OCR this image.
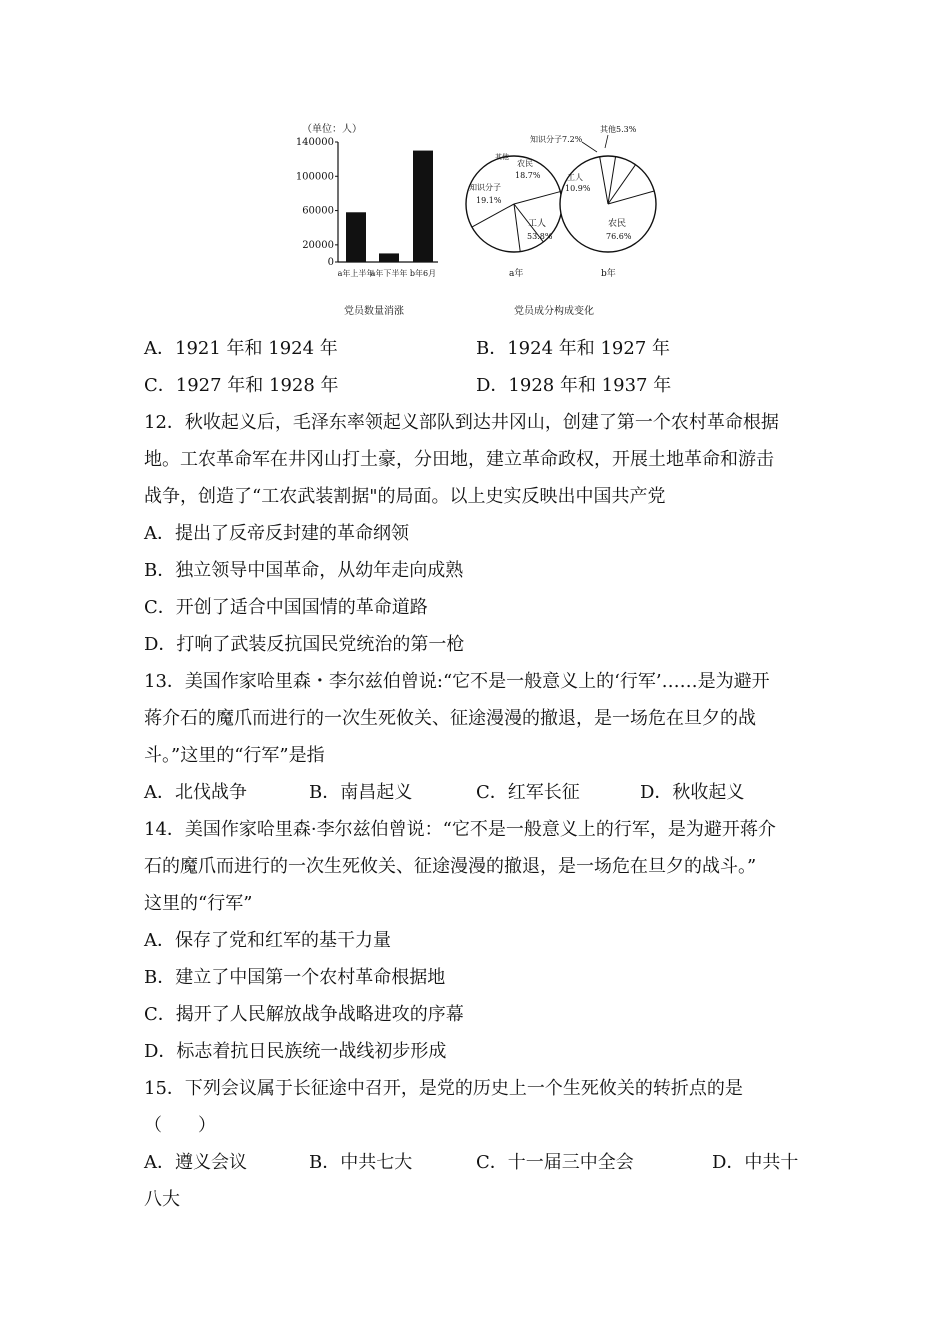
（单位：人）
140000
100000
60000
20000
0
a年上半年
a年下半年 b年6月
党员数量消涨
a年	b年
党员成分构成变化
工人
53.8%
知识分子
19.1%
其他
农民
18.7%
农民
76.6%
工人
10.9%
知识分子7.2%
其他5.3%
A．1921 年和 1924 年	B．1924 年和 1927 年
C．1927 年和 1928 年	D．1928 年和 1937 年
12．秋收起义后，毛泽东率领起义部队到达井冈山，创建了第一个农村革命根据
地。工农革命军在井冈山打土豪，分田地，建立革命政权，开展土地革命和游击
战争，创造了“工农武装割据"的局面。以上史实反映出中国共产党
A．提出了反帝反封建的革命纲领
B．独立领导中国革命，从幼年走向成熟
C．开创了适合中国国情的革命道路
D．打响了武装反抗国民党统治的第一枪
13．美国作家哈里森・李尔兹伯曾说:“它不是一般意义上的‘行军’……是为避开
蒋介石的魔爪而进行的一次生死攸关、征途漫漫的撤退，是一场危在旦夕的战
斗。”这里的“行军”是指
A．北伐战争	B．南昌起义	C．红军长征	D．秋收起义
14．美国作家哈里森·李尔兹伯曾说：“它不是一般意义上的行军，是为避开蒋介
石的魔爪而进行的一次生死攸关、征途漫漫的撤退，是一场危在旦夕的战斗。”
这里的“行军”
A．保存了党和红军的基干力量
B．建立了中国第一个农村革命根据地
C．揭开了人民解放战争战略进攻的序幕
D．标志着抗日民族统一战线初步形成
15．下列会议属于长征途中召开，是党的历史上一个生死攸关的转折点的是
（　　）
A．遵义会议	B．中共七大	C．十一届三中全会	D．中共十
八大
